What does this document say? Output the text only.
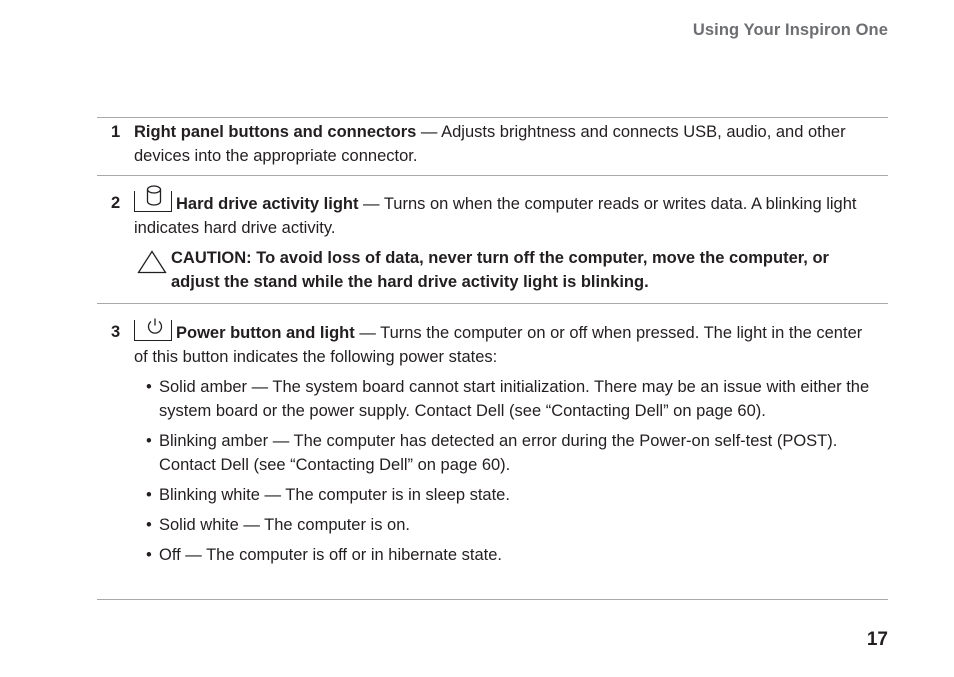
Using Your Inspiron One
1 Right panel buttons and connectors — Adjusts brightness and connects USB, audio, and other devices into the appropriate connector.

2	Hard drive activity light — Turns on when the computer reads or writes data. A blinking light indicates hard drive activity.

CAUTION: To avoid loss of data, never turn off the computer, move the computer, or adjust the stand while the hard drive activity light is blinking.
3	Power button and light — Turns the computer on or off when pressed. The light in the center of this button indicates the following power states:

• Solid amber — The system board cannot start initialization. There may be an issue with either the system board or the power supply. Contact Dell (see “Contacting Dell” on page 60).
• Blinking amber — The computer has detected an error during the Power-on self-test (POST). Contact Dell (see “Contacting Dell” on page 60).
• Blinking white — The computer is in sleep state.
• Solid white — The computer is on.
• Off — The computer is off or in hibernate state.
17
